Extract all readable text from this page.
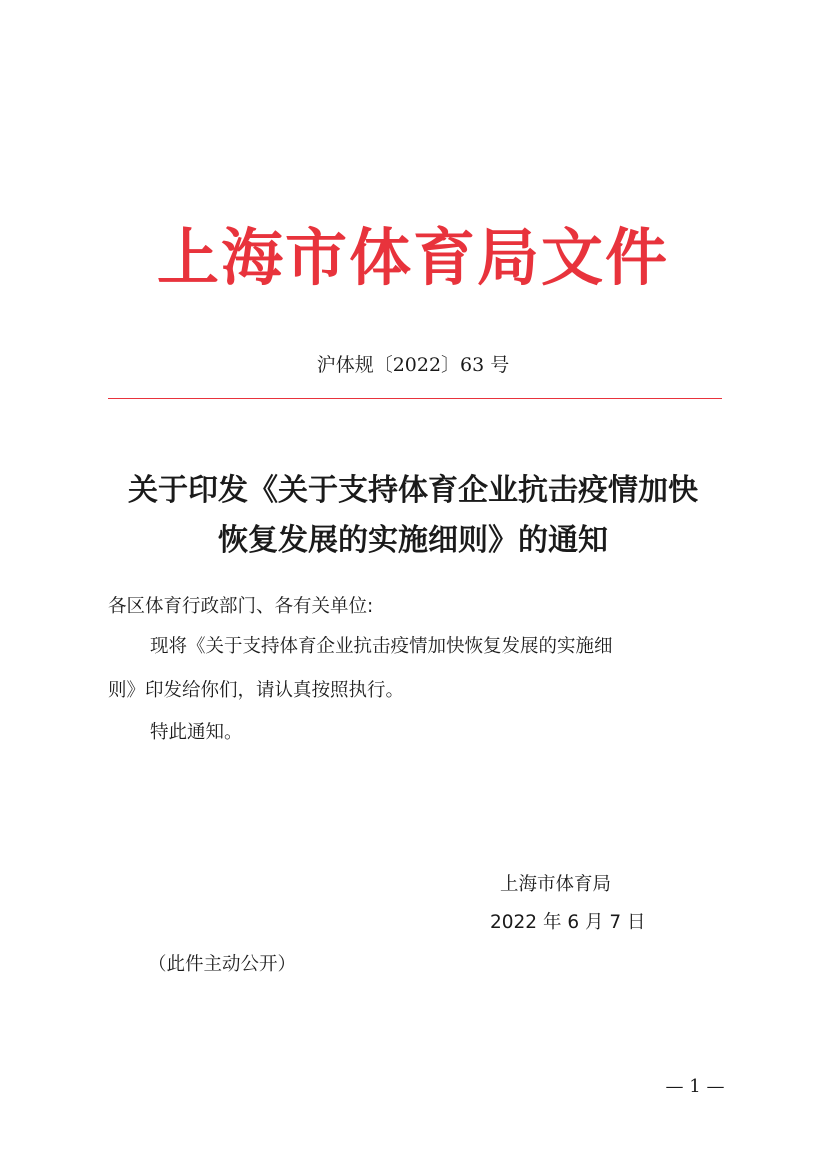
上海市体育局文件
沪体规〔2022〕63 号
关于印发《关于支持体育企业抗击疫情加快
恢复发展的实施细则》的通知
各区体育行政部门、各有关单位:
现将《关于支持体育企业抗击疫情加快恢复发展的实施细
则》印发给你们，请认真按照执行。
特此通知。
上海市体育局
2022 年 6 月 7 日
（此件主动公开）
— 1 —
